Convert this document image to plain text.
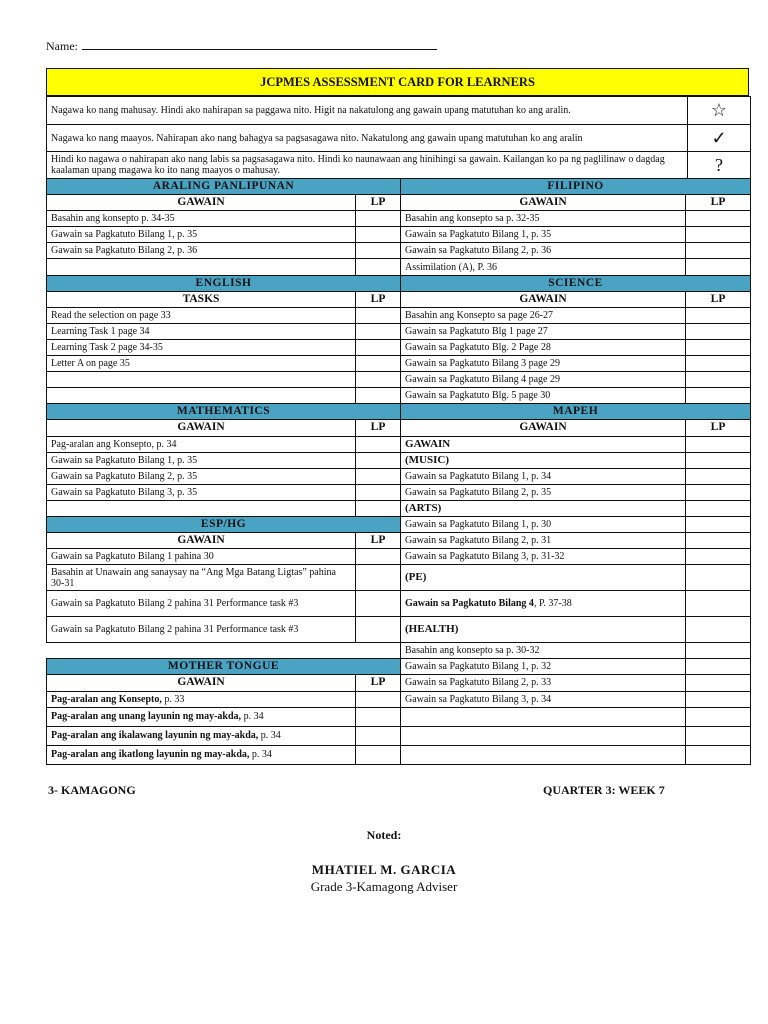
Name:
JCPMES ASSESSMENT CARD FOR LEARNERS
Nagawa ko nang mahusay. Hindi ako nahirapan sa paggawa nito. Higit na nakatulong ang gawain upang matutuhan ko ang aralin.	☆
Nagawa ko nang maayos. Nahirapan ako nang bahagya sa pagsasagawa nito. Nakatulong ang gawain upang matutuhan ko ang aralin	✓
Hindi ko nagawa o nahirapan ako nang labis sa pagsasagawa nito. Hindi ko naunawaan ang hinihingi sa gawain. Kailangan ko pa ng paglilinaw o dagdag kaalaman upang magawa ko ito nang maayos o mahusay.	?
ARALING PANLIPUNAN		FILIPINO	
GAWAIN	LP	GAWAIN	LP
Basahin ang konsepto p. 34-35		Basahin ang konsepto sa p. 32-35	
Gawain sa Pagkatuto Bilang 1, p. 35		Gawain sa Pagkatuto Bilang 1, p. 35	
Gawain sa Pagkatuto Bilang 2, p. 36		Gawain sa Pagkatuto Bilang 2, p. 36	
		Assimilation (A), P. 36	
ENGLISH		SCIENCE	
TASKS	LP	GAWAIN	LP
Read the selection on page 33		Basahin ang Konsepto sa page 26-27	
Learning Task 1 page 34		Gawain sa Pagkatuto Blg 1 page 27	
Learning Task 2 page 34-35		Gawain sa Pagkatuto Blg. 2 Page 28	
Letter A on page 35		Gawain sa Pagkatuto Bilang 3 page 29	
		Gawain sa Pagkatuto Bilang 4 page 29	
		Gawain sa Pagkatuto Blg. 5 page 30	
MATHEMATICS		MAPEH	
GAWAIN	LP	GAWAIN	LP
Pag-aralan ang Konsepto, p. 34		GAWAIN	
Gawain sa Pagkatuto Bilang 1, p. 35		(MUSIC)	
Gawain sa Pagkatuto Bilang 2, p. 35		Gawain sa Pagkatuto Bilang 1, p. 34	
Gawain sa Pagkatuto Bilang 3, p. 35		Gawain sa Pagkatuto Bilang 2, p. 35	
		(ARTS)	
ESP/HG		Gawain sa Pagkatuto Bilang 1, p. 30	
GAWAIN	LP	Gawain sa Pagkatuto Bilang 2, p. 31	
Gawain sa Pagkatuto Bilang 1 pahina 30		Gawain sa Pagkatuto Bilang 3, p. 31-32	
Basahin at Unawain ang sanaysay na “Ang Mga Batang Ligtas” pahina 30-31		(PE)	
Gawain sa Pagkatuto Bilang 2 pahina 31 Performance task #3		Gawain sa Pagkatuto Bilang 4, P. 37-38	
Gawain sa Pagkatuto Bilang 2 pahina 31 Performance task #3		(HEALTH)	
		Basahin ang konsepto sa p. 30-32	
MOTHER TONGUE		Gawain sa Pagkatuto Bilang 1, p. 32	
GAWAIN	LP	Gawain sa Pagkatuto Bilang 2, p. 33	
Pag-aralan ang Konsepto, p. 33		Gawain sa Pagkatuto Bilang 3, p. 34	
Pag-aralan ang unang layunin ng may-akda, p. 34			
Pag-aralan ang ikalawang layunin ng may-akda, p. 34			
Pag-aralan ang ikatlong layunin ng may-akda, p. 34			
3- KAMAGONG	QUARTER 3: WEEK 7
Noted:
MHATIEL M. GARCIA
Grade 3-Kamagong Adviser
